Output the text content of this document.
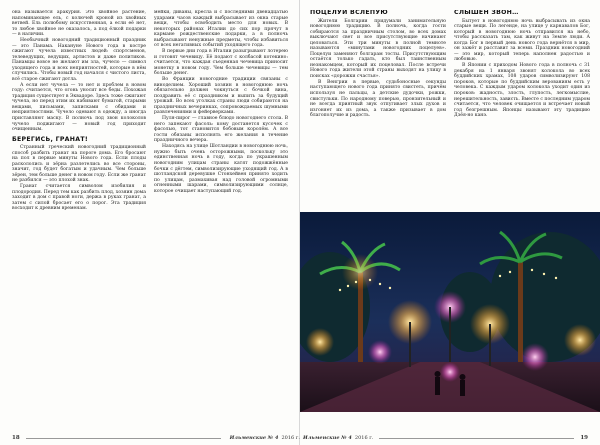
она называется аракурия. Это хвойное растение, напоминающее ель, с колючей кроной из хвойных ветвей. Ель полюбому искусственная, а если её нет, то любое хвойное не оказалось, а под ёлкой подарки — в наличии.

Необычный новогодний традиционный праздник — это Панама. Накануне Нового года в костре сжигают чучела известных людей: спортсменов, телеведущих, ведущих, артистов и даже политиков. Панамцы вовсе не желают им зла, чучело — символ уходящего года и всех неприятностей, которые в нём случились. Чтобы новый год начался с чистого листа, всё старое сжигают дотла.

А если нет чучела — то нет и проблем в новом году: считается, что огонь уносит все беды. Похожая традиция существует в Эквадоре. Здесь тоже сжигают чучела, но перед этим их набивают бумагой, старыми вещами, письмами, записками с обидами и неприятностями. Чучело одевают в одежду, а иногда приставляют маску. В полночь под звон колоколов чучело поджигают — новый год приходит очищенным.

БЕРЕГИСЬ, ГРАНАТ!

Странный греческий новогодний традиционный способ разбить гранат на пороге дома. Его бросают на пол в первые минуты Нового года. Если плоды раскололись и зёрна разлетелись во все стороны, значит, год будет богатым и удачным. Чем больше зёрен, тем больше денег в новом году. Если же гранат не разбился — это плохой знак.

Гранат считается символом изобилия и плодородия. Перед тем как разбить плод, хозяин дома заходит в дом с правой ноги, держа в руках гранат, а затем с силой бросает его о порог. Эта традиция восходит к древним временам.

мейки, диваны, кресла и с последними двенадцатью ударами часов каждый выбрасывает из окна старые вещи, чтобы освободить место для новых. В некоторых районах Италии до сих пор прячут в кармане рождественские подарки, а в полночь выбрасывают ненужные предметы, чтобы избавиться от всех негативных событий уходящего года.

В первые дни года в Италии разыгрывают лотерею и готовят чечевицу. Её подают с колбасой котекино: считается, что каждая съеденная чечевица приносит монетку в новом году. Чем больше чечевицы — тем больше денег.

Во Франции новогодние традиции связаны с виноделием. Хороший хозяин в новогоднюю ночь обязательно должен чокнуться с бочкой вина, поздравить её с праздником и выпить за будущий урожай. Во всех уголках страны люди собираются на праздничных вечеринках, сопровождаемых шумными развлечениями и фейерверками.

Пуля-пирог — главное блюдо новогоднего стола. В него запекают фасоль: кому достанется кусочек с фасолью, тот становится бобовым королём. А все гости обязаны исполнять его желания в течение праздничного вечера.

Находясь на улице Шотландии в новогоднюю ночь, нужно быть очень осторожными, поскольку это единственная ночь в году, когда по украшенным новогодним улицам страны катят подожжённые бочки с дёгтем, символизирующие уходящий год. А в шотландской деревушке Стонхейвен принято ходить по улицам, размахивая над головой огромными огненными шарами, символизирующими солнце, которое очищает наступающий год.

ПОЦЕЛУЙ ВСЛЕПУЮ

Жители Болгарии придумали занимательную новогоднюю традицию. В полночь, когда гости собираются за праздничным столом, во всех домах выключают свет и все присутствующие начинают целоваться. Эти три минуты в полной темноте называются «минутами новогодних поцелуев». Поцелуи заменяют болгарам тосты. Присутствующим остаётся только гадать, кто был таинственным незнакомцем, который их поцеловал. После встречи Нового года жители этой страны выходят на улицу в поисках «дорожки счастья».

В Венгрии в первые, судьбоносные секунды наступающего нового года принято свистеть, причём используя не пальцы, а детские дудочки, рожки, свистульки. По народному поверью, пронзительный и не всегда приятный звук отпугивает злых духов и изгоняет их из дома, а также призывает в дом благополучие и радость.

СЛЫШЕН ЗВОН…

Бытует в новогоднюю ночь выбрасывать из окна старые вещи. По легенде, на улице у карнавалов Бог, который в новогоднюю ночь отправился на небо, чтобы рассказать там, как живут на Земле люди. А когда Бог в первый день нового года вернётся в мир, он зажёт и расставит за всеми. Праздник новогодний — это мир, который теперь наполнен радостью и любовью.

В Японии с приходом Нового года в полночь с 31 декабря на 1 января звонят колокола во всех буддийских храмах, 108 ударов символизируют 108 пороков, которые по буддийским верованиям есть у человека. С каждым ударом колокола уходит один из пороков: жадность, злость, глупость, легкомыслие, нерешительность, зависть. Вместе с последним ударом считается, что человек очищается и встречает новый год безгрешным. Японцы называют эту традицию Дзёя-но канэ.

18	Ильменскиe № 4 2016 г. Ильменскиe № 4 2016 г.	19
